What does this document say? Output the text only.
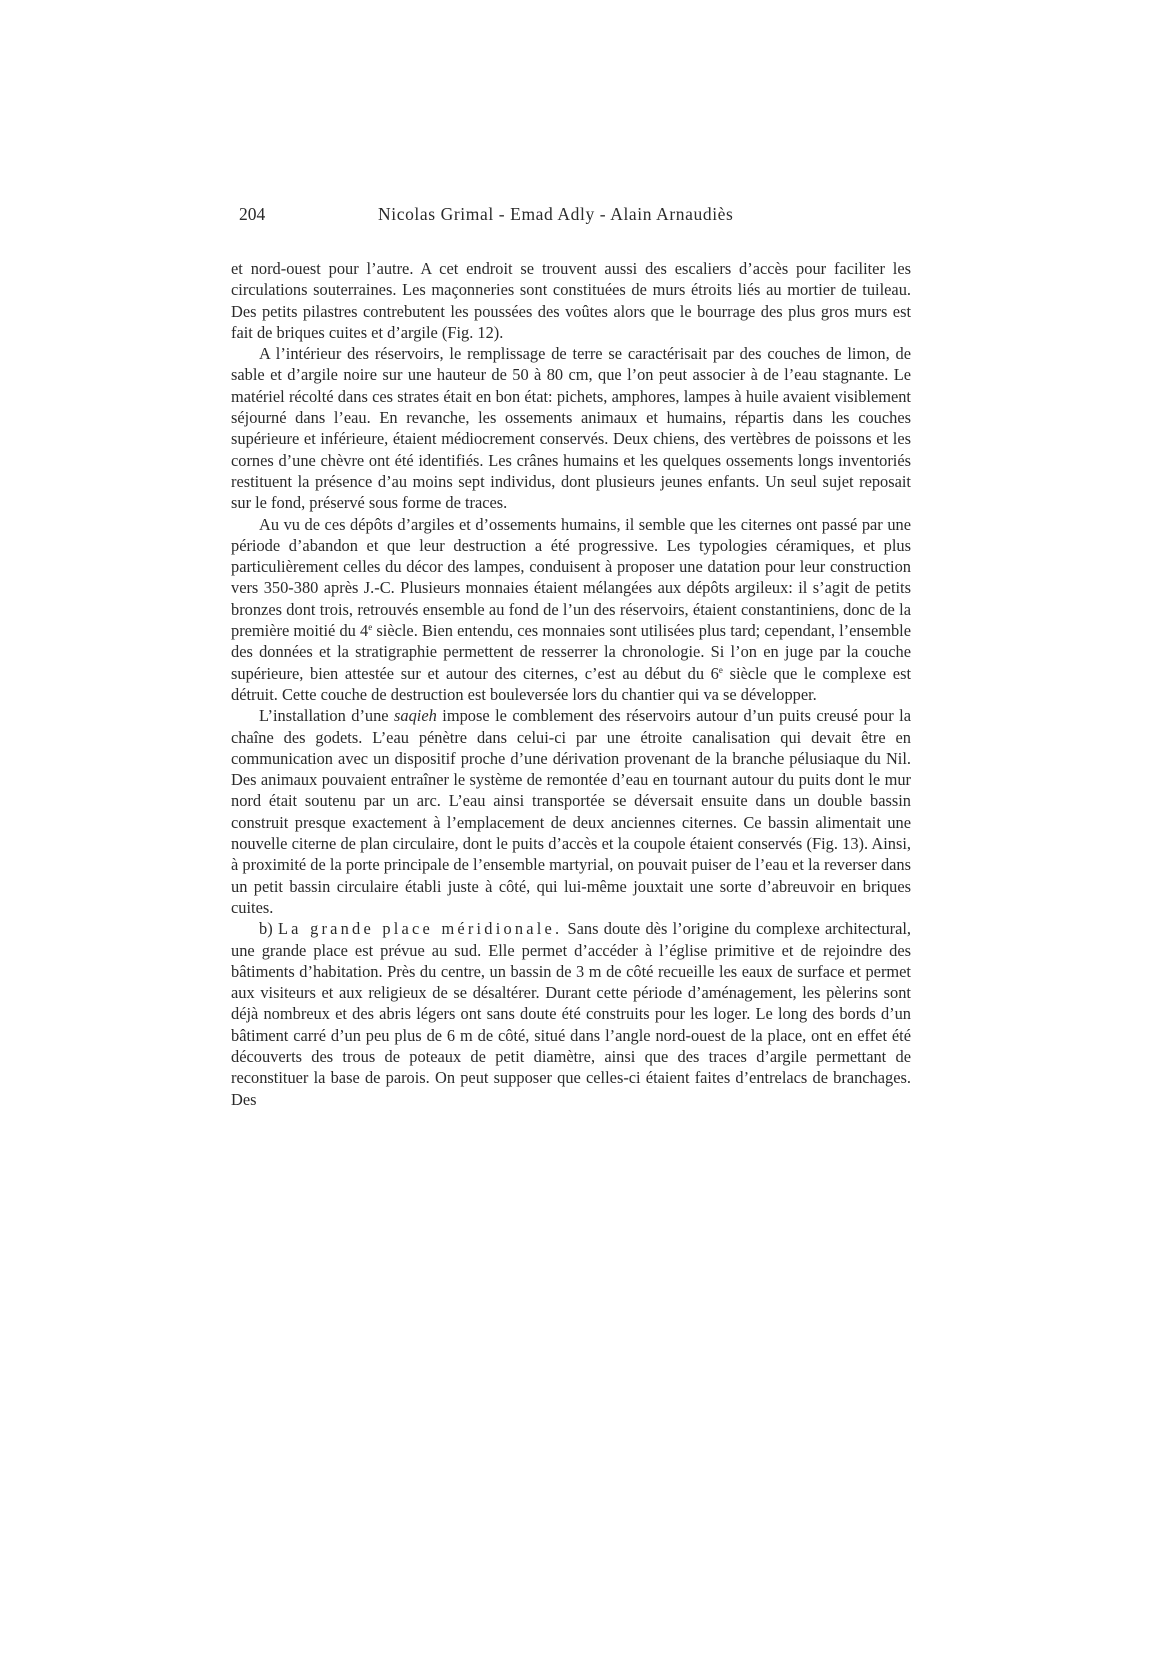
204	Nicolas Grimal - Emad Adly - Alain Arnaudiès

et nord-ouest pour l’autre. A cet endroit se trouvent aussi des escaliers d’accès pour faciliter les circulations souterraines. Les maçonneries sont constituées de murs étroits liés au mortier de tuileau. Des petits pilastres contrebutent les poussées des voûtes alors que le bourrage des plus gros murs est fait de briques cuites et d’argile (Fig. 12).

A l’intérieur des réservoirs, le remplissage de terre se caractérisait par des couches de limon, de sable et d’argile noire sur une hauteur de 50 à 80 cm, que l’on peut associer à de l’eau stagnante. Le matériel récolté dans ces strates était en bon état: pichets, amphores, lampes à huile avaient visiblement séjourné dans l’eau. En revanche, les ossements animaux et humains, répartis dans les couches supérieure et inférieure, étaient médiocrement conservés. Deux chiens, des vertèbres de poissons et les cornes d’une chèvre ont été identifiés. Les crânes humains et les quelques ossements longs inventoriés restituent la présence d’au moins sept individus, dont plusieurs jeunes enfants. Un seul sujet reposait sur le fond, préservé sous forme de traces.

Au vu de ces dépôts d’argiles et d’ossements humains, il semble que les citernes ont passé par une période d’abandon et que leur destruction a été progressive. Les typologies céramiques, et plus particulièrement celles du décor des lampes, conduisent à proposer une datation pour leur construction vers 350-380 après J.-C. Plusieurs monnaies étaient mélangées aux dépôts argileux: il s’agit de petits bronzes dont trois, retrouvés ensemble au fond de l’un des réservoirs, étaient constantiniens, donc de la première moitié du 4e siècle. Bien entendu, ces monnaies sont utilisées plus tard; cependant, l’ensemble des données et la stratigraphie permettent de resserrer la chronologie. Si l’on en juge par la couche supérieure, bien attestée sur et autour des citernes, c’est au début du 6e siècle que le complexe est détruit. Cette couche de destruction est bouleversée lors du chantier qui va se développer.

L’installation d’une saqieh impose le comblement des réservoirs autour d’un puits creusé pour la chaîne des godets. L’eau pénètre dans celui-ci par une étroite canalisation qui devait être en communication avec un dispositif proche d’une dérivation provenant de la branche pélusiaque du Nil. Des animaux pouvaient entraîner le système de remontée d’eau en tournant autour du puits dont le mur nord était soutenu par un arc. L’eau ainsi transportée se déversait ensuite dans un double bassin construit presque exactement à l’emplacement de deux anciennes citernes. Ce bassin alimentait une nouvelle citerne de plan circulaire, dont le puits d’accès et la coupole étaient conservés (Fig. 13). Ainsi, à proximité de la porte principale de l’ensemble martyrial, on pouvait puiser de l’eau et la reverser dans un petit bassin circulaire établi juste à côté, qui lui-même jouxtait une sorte d’abreuvoir en briques cuites.

b) La grande place méridionale. Sans doute dès l’origine du complexe architectural, une grande place est prévue au sud. Elle permet d’accéder à l’église primitive et de rejoindre des bâtiments d’habitation. Près du centre, un bassin de 3 m de côté recueille les eaux de surface et permet aux visiteurs et aux religieux de se désaltérer. Durant cette période d’aménagement, les pèlerins sont déjà nombreux et des abris légers ont sans doute été construits pour les loger. Le long des bords d’un bâtiment carré d’un peu plus de 6 m de côté, situé dans l’angle nord-ouest de la place, ont en effet été découverts des trous de poteaux de petit diamètre, ainsi que des traces d’argile permettant de reconstituer la base de parois. On peut supposer que celles-ci étaient faites d’entrelacs de branchages. Des
